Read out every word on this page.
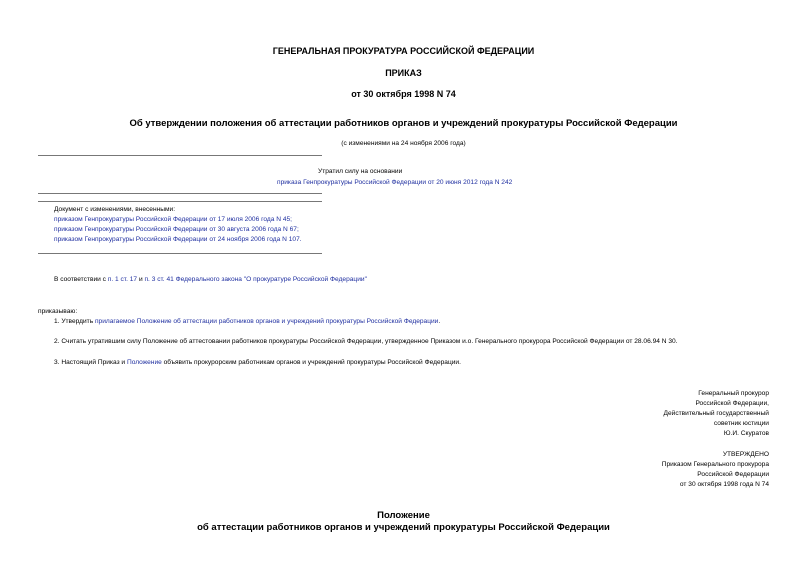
ГЕНЕРАЛЬНАЯ ПРОКУРАТУРА РОССИЙСКОЙ ФЕДЕРАЦИИ
ПРИКАЗ
от 30 октября 1998 N 74
Об утверждении положения об аттестации работников органов и учреждений прокуратуры Российской Федерации
(с изменениями на 24 ноября 2006 года)
Утратил силу на основании
приказа Генпрокуратуры Российской Федерации от 20 июня 2012 года N 242
Документ с изменениями, внесенными:
приказом Генпрокуратуры Российской Федерации от 17 июля 2006 года N 45;
приказом Генпрокуратуры Российской Федерации от 30 августа 2006 года N 67;
приказом Генпрокуратуры Российской Федерации от 24 ноября 2006 года N 107.
В соответствии с п. 1 ст. 17 и п. 3 ст. 41 Федерального закона "О прокуратуре Российской Федерации"
приказываю:
1. Утвердить прилагаемое Положение об аттестации работников органов и учреждений прокуратуры Российской Федерации.
2. Считать утратившим силу Положение об аттестовании работников прокуратуры Российской Федерации, утвержденное Приказом и.о. Генерального прокурора Российской Федерации от 28.06.94 N 30.
3. Настоящий Приказ и Положение объявить прокурорским работникам органов и учреждений прокуратуры Российской Федерации.
Генеральный прокурор
Российской Федерации,
Действительный государственный
советник юстиции
Ю.И. Скуратов
УТВЕРЖДЕНО
Приказом Генерального прокурора
Российской Федерации
от 30 октября 1998 года N 74
Положение
об аттестации работников органов и учреждений прокуратуры Российской Федерации
